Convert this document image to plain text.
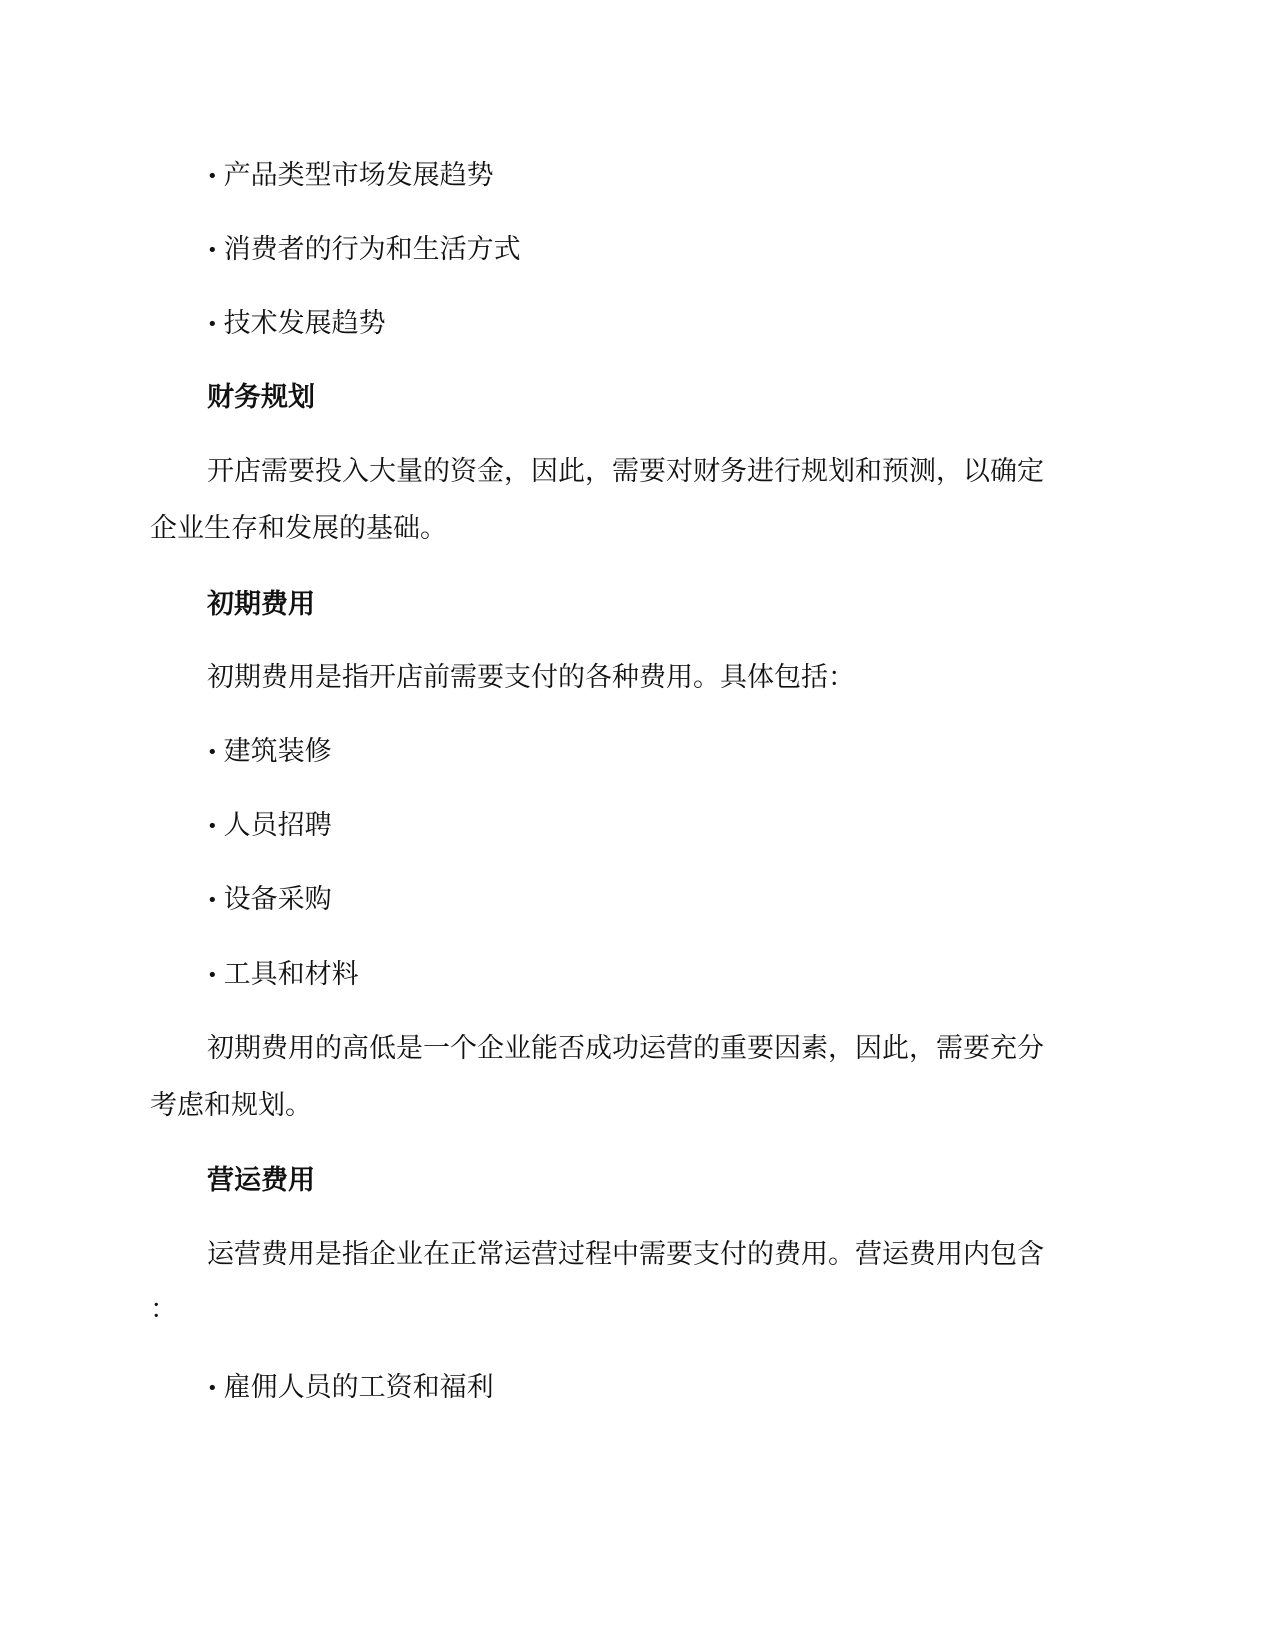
• 产品类型市场发展趋势
• 消费者的行为和生活方式
• 技术发展趋势
财务规划
开店需要投入大量的资金，因此，需要对财务进行规划和预测，以确定
企业生存和发展的基础。
初期费用
初期费用是指开店前需要支付的各种费用。具体包括：
• 建筑装修
• 人员招聘
• 设备采购
• 工具和材料
初期费用的高低是一个企业能否成功运营的重要因素，因此，需要充分
考虑和规划。
营运费用
运营费用是指企业在正常运营过程中需要支付的费用。营运费用内包含
：
• 雇佣人员的工资和福利
